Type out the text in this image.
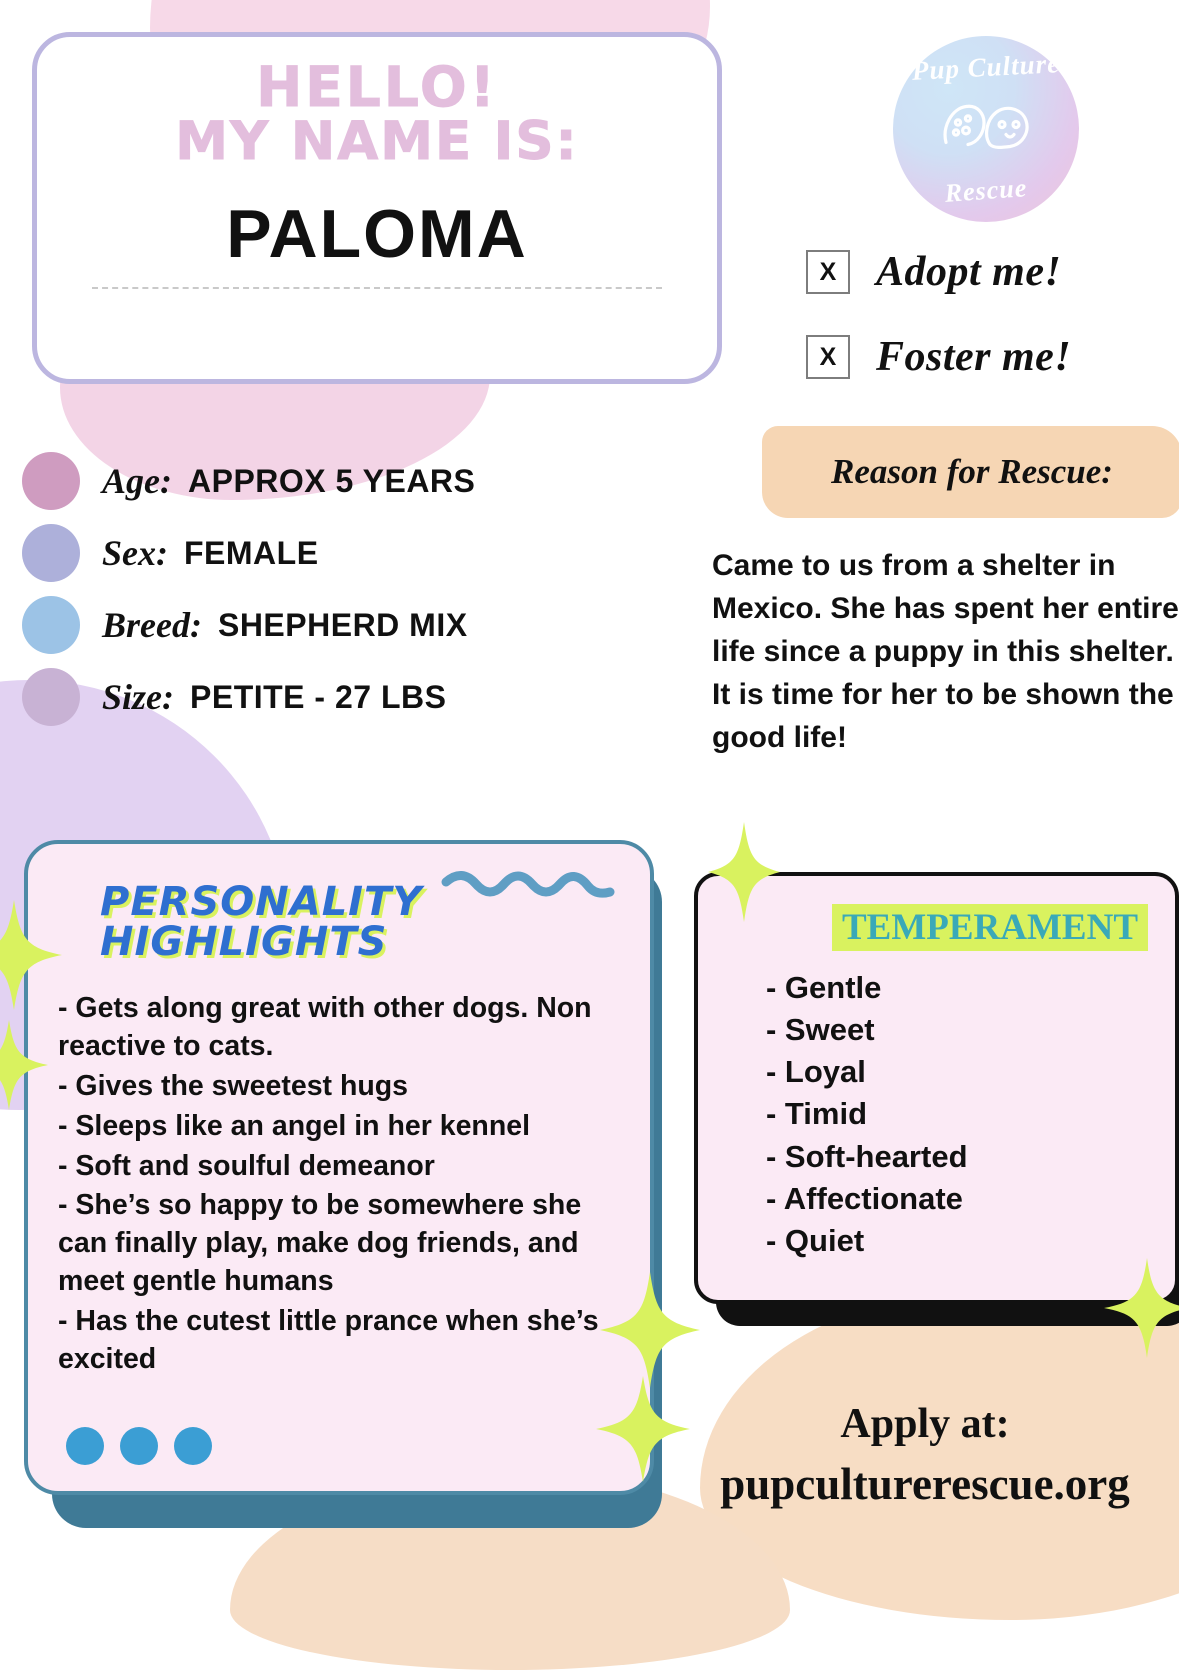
HELLO!
MY NAME IS:
PALOMA
Pup Culture
Rescue
X Adopt me!
X Foster me!
Age: APPROX 5 YEARS
Sex: FEMALE
Breed: SHEPHERD MIX
Size: PETITE - 27 LBS
Reason for Rescue:
Came to us from a shelter in Mexico. She has spent her entire life since a puppy in this shelter. It is time for her to be shown the good life!
PERSONALITY
HIGHLIGHTS
- Gets along great with other dogs. Non reactive to cats.
- Gives the sweetest hugs
- Sleeps like an angel in her kennel
- Soft and soulful demeanor
- She’s so happy to be somewhere she can finally play, make dog friends, and meet gentle humans
- Has the cutest little prance when she’s excited
TEMPERAMENT
- Gentle
- Sweet
- Loyal
- Timid
- Soft-hearted
- Affectionate
- Quiet
Apply at:
pupculturerescue.org
